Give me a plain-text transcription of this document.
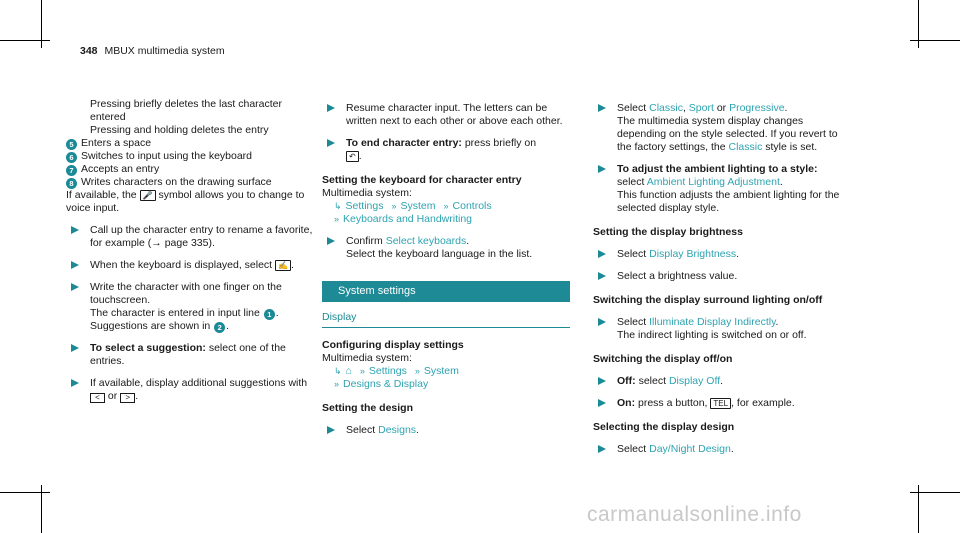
348 MBUX multimedia system
Pressing briefly deletes the last character entered
Pressing and holding deletes the entry
5 Enters a space
6 Switches to input using the keyboard
7 Accepts an entry
8 Writes characters on the drawing surface
If available, the 🎤 symbol allows you to change to voice input.
Call up the character entry to rename a favorite, for example (→ page 335).
When the keyboard is displayed, select ✍ .
Write the character with one finger on the touchscreen.
The character is entered in input line 1 .
Suggestions are shown in 2 .
To select a suggestion: select one of the entries.
If available, display additional suggestions with < or > .
Resume character input. The letters can be written next to each other or above each other.
To end character entry: press briefly on
↶ .
Setting the keyboard for character entry
Multimedia system:
↳ Settings » System » Controls
» Keyboards and Handwriting
Confirm Select keyboards.
Select the keyboard language in the list.
System settings
Display
Configuring display settings
Multimedia system:
↳ ⌂ » Settings » System
» Designs & Display
Setting the design
Select Designs.
Select Classic, Sport or Progressive.
The multimedia system display changes depending on the style selected. If you revert to the factory settings, the Classic style is set.
To adjust the ambient lighting to a style: select Ambient Lighting Adjustment.
This function adjusts the ambient lighting for the selected display style.
Setting the display brightness
Select Display Brightness.
Select a brightness value.
Switching the display surround lighting on/off
Select Illuminate Display Indirectly.
The indirect lighting is switched on or off.
Switching the display off/on
Off: select Display Off.
On: press a button, TEL , for example.
Selecting the display design
Select Day/Night Design.
carmanualsonline.info
